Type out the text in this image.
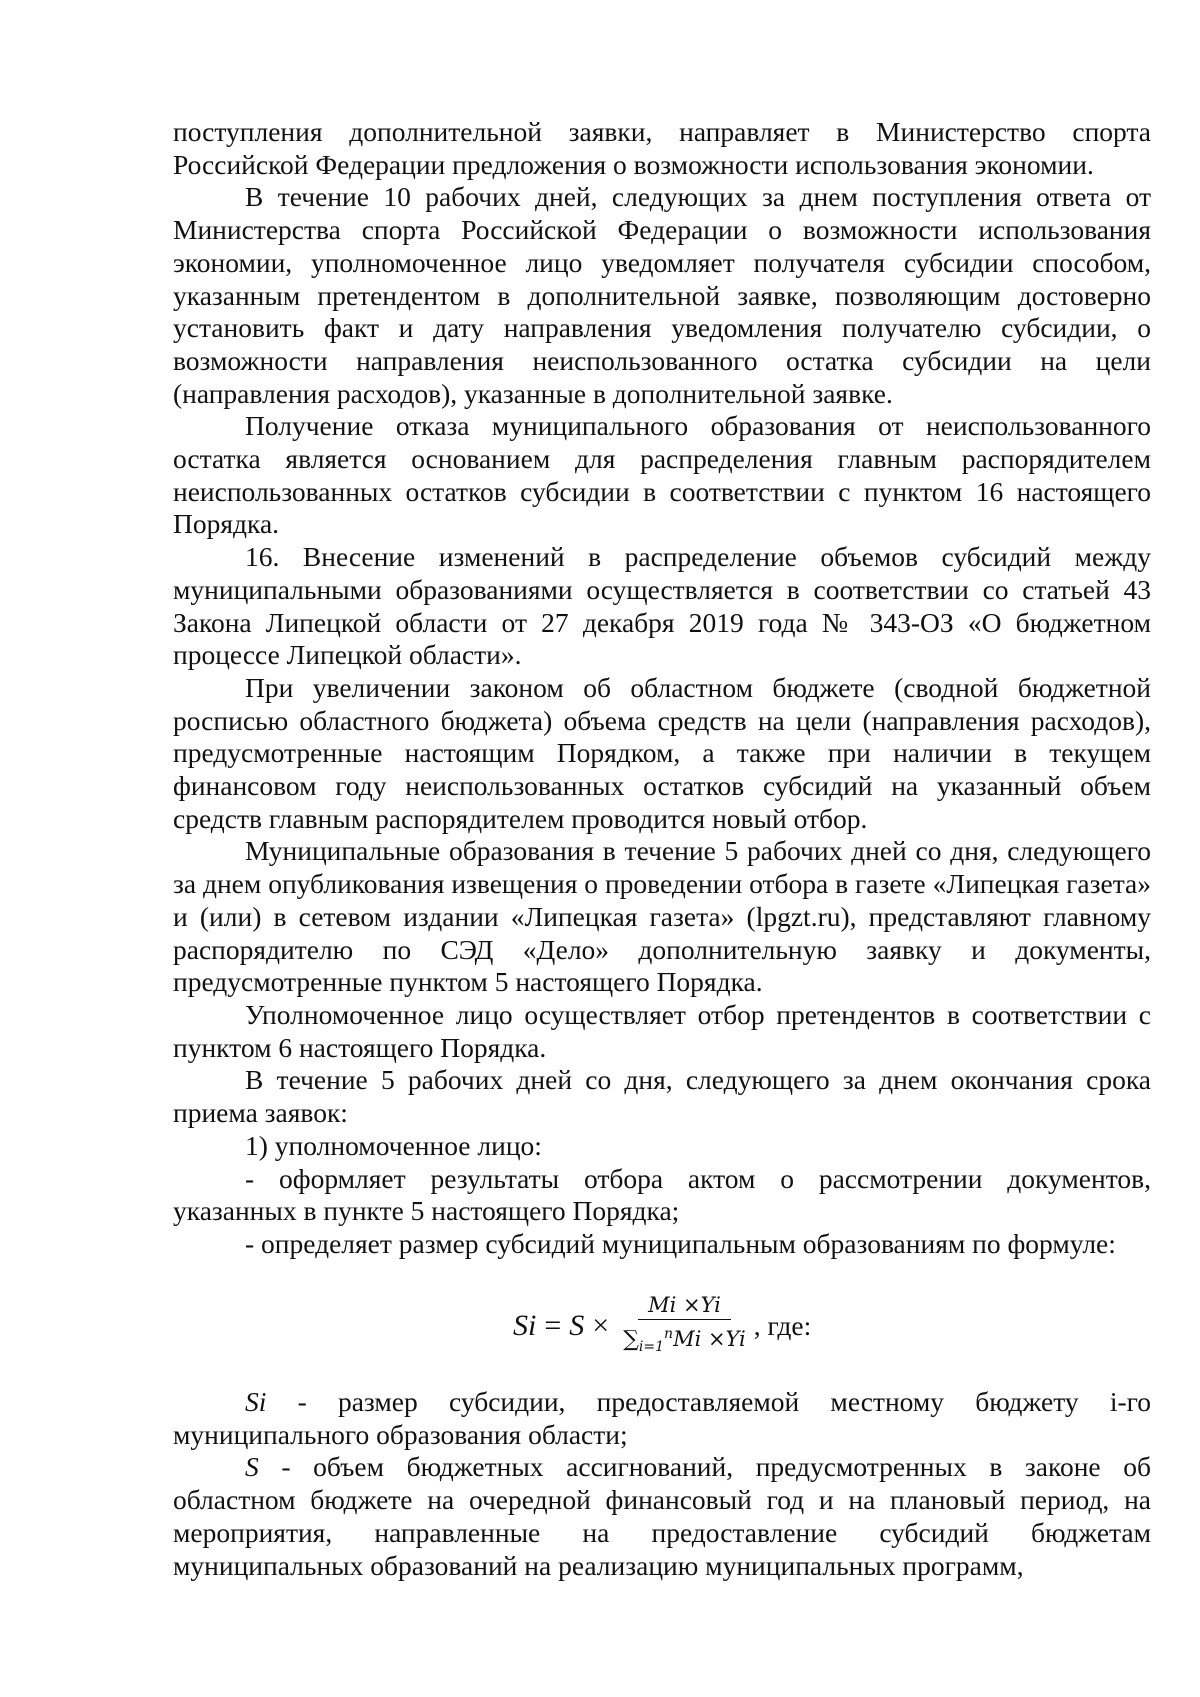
поступления дополнительной заявки, направляет в Министерство спорта Российской Федерации предложения о возможности использования экономии.

В течение 10 рабочих дней, следующих за днем поступления ответа от Министерства спорта Российской Федерации о возможности использования экономии, уполномоченное лицо уведомляет получателя субсидии способом, указанным претендентом в дополнительной заявке, позволяющим достоверно установить факт и дату направления уведомления получателю субсидии, о возможности направления неиспользованного остатка субсидии на цели (направления расходов), указанные в дополнительной заявке.

Получение отказа муниципального образования от неиспользованного остатка является основанием для распределения главным распорядителем неиспользованных остатков субсидии в соответствии с пунктом 16 настоящего Порядка.

16. Внесение изменений в распределение объемов субсидий между муниципальными образованиями осуществляется в соответствии со статьей 43 Закона Липецкой области от 27 декабря 2019 года № 343-ОЗ «О бюджетном процессе Липецкой области».

При увеличении законом об областном бюджете (сводной бюджетной росписью областного бюджета) объема средств на цели (направления расходов), предусмотренные настоящим Порядком, а также при наличии в текущем финансовом году неиспользованных остатков субсидий на указанный объем средств главным распорядителем проводится новый отбор.

Муниципальные образования в течение 5 рабочих дней со дня, следующего за днем опубликования извещения о проведении отбора в газете «Липецкая газета» и (или) в сетевом издании «Липецкая газета» (lpgzt.ru), представляют главному распорядителю по СЭД «Дело» дополнительную заявку и документы, предусмотренные пунктом 5 настоящего Порядка.

Уполномоченное лицо осуществляет отбор претендентов в соответствии с пунктом 6 настоящего Порядка.

В течение 5 рабочих дней со дня, следующего за днем окончания срока приема заявок:

1) уполномоченное лицо:

- оформляет результаты отбора актом о рассмотрении документов, указанных в пункте 5 настоящего Порядка;

- определяет размер субсидий муниципальным образованиям по формуле:

$Si = S \times \frac{Mi \times Yi}{\sum_{i=1}^nMi \times Yi}$ , где:

Si - размер субсидии, предоставляемой местному бюджету i-го муниципального образования области;

S - объем бюджетных ассигнований, предусмотренных в законе об областном бюджете на очередной финансовый год и на плановый период, на мероприятия, направленные на предоставление субсидий бюджетам муниципальных образований на реализацию муниципальных программ,
